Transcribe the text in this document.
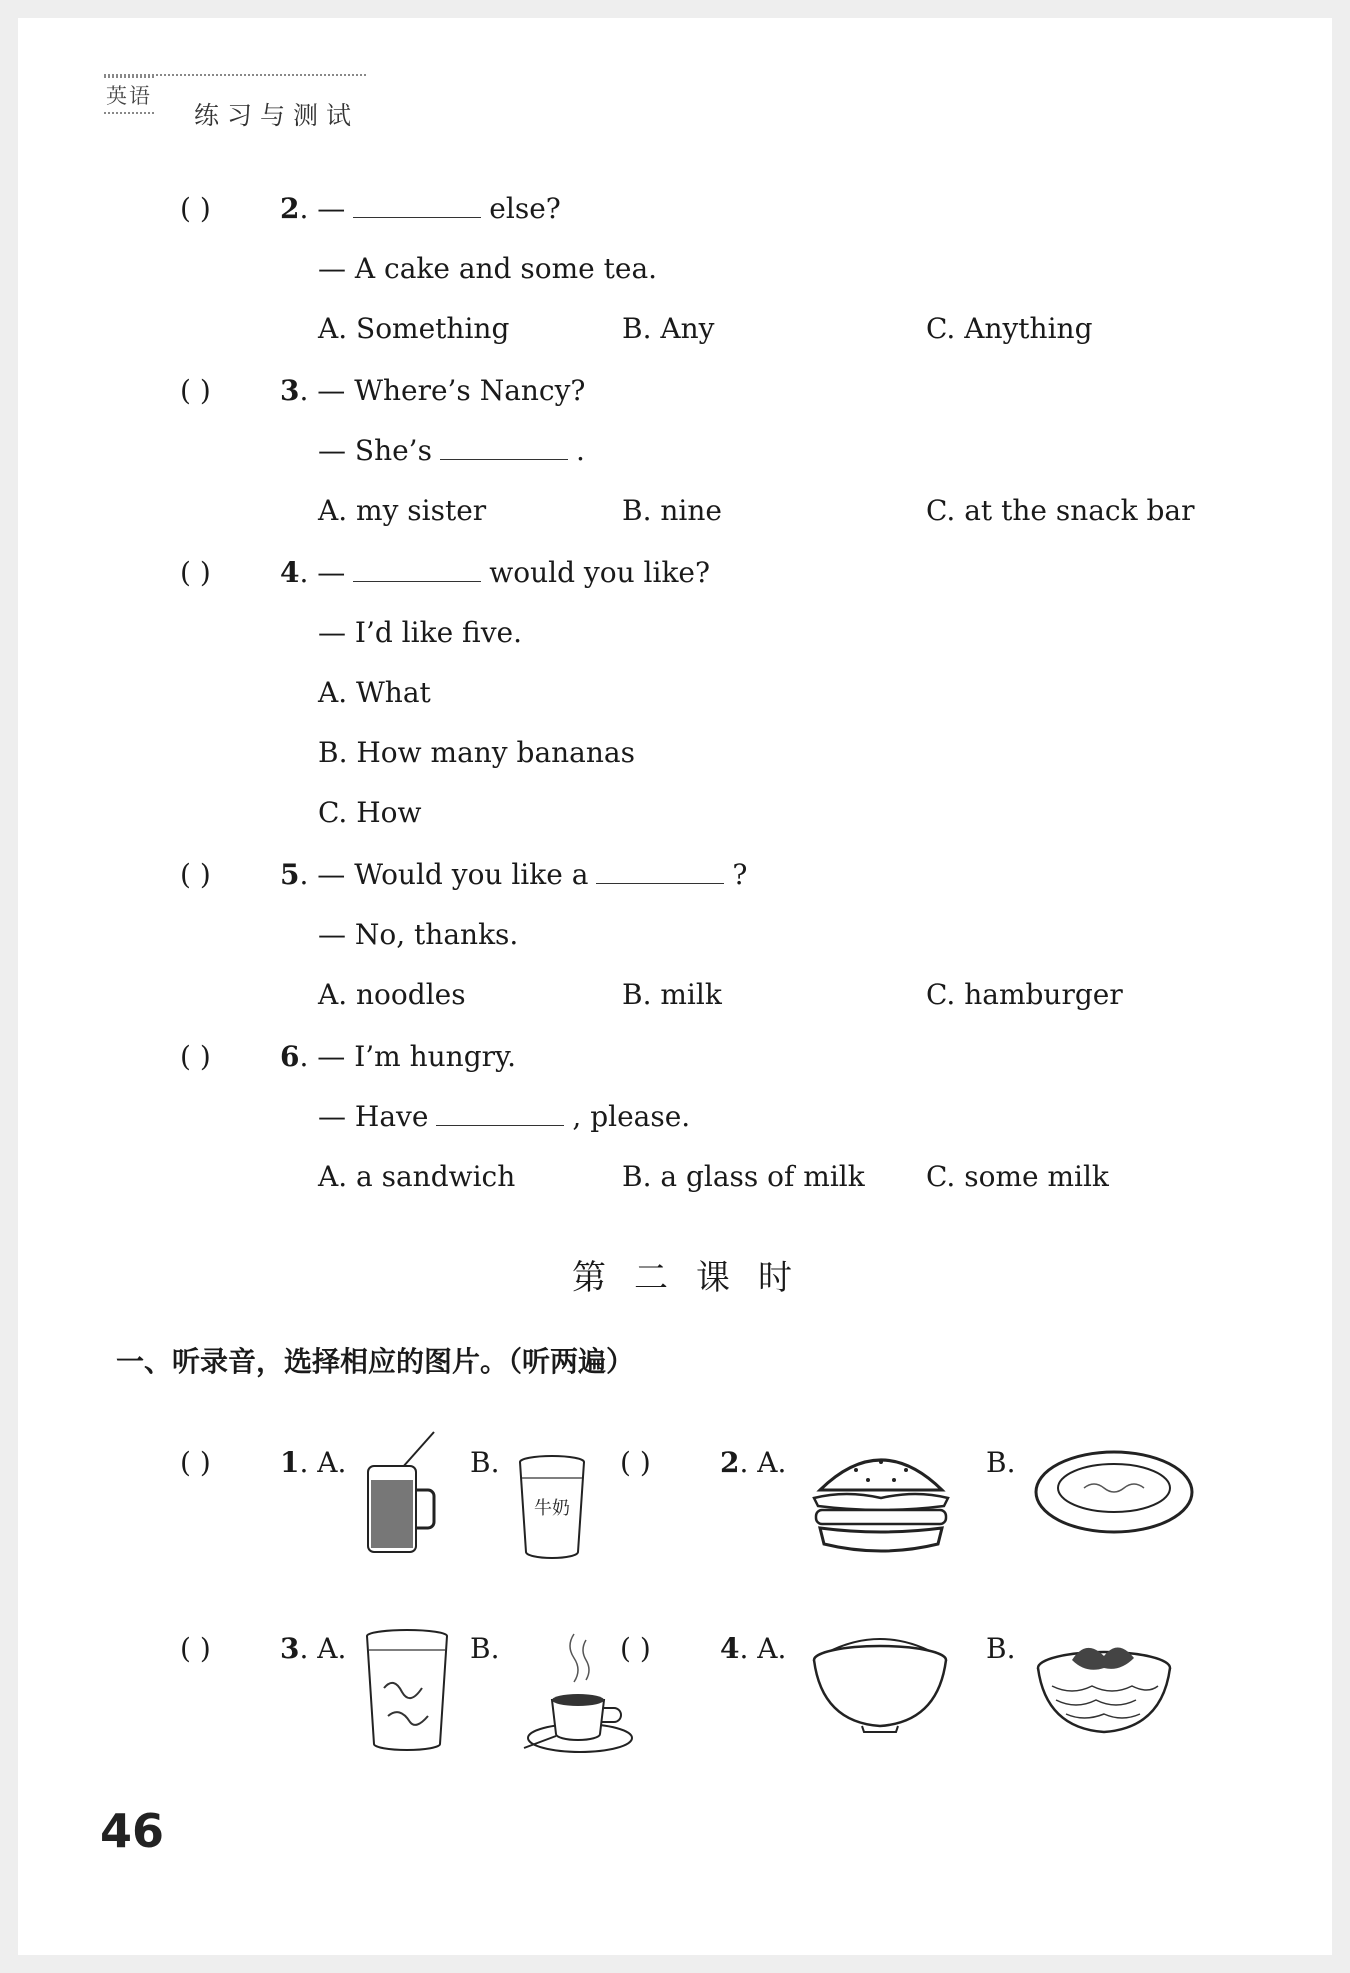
英语
练习与测试
( ) 2. —	else?
— A cake and some tea.
A. Something	B. Any	C. Anything
( ) 3. — Where’s Nancy?
— She’s	.
A. my sister	B. nine	C. at the snack bar
( ) 4. —	would you like?
— I’d like five.
A. What
B. How many bananas
C. How
( ) 5. — Would you like a	?
— No, thanks.
A. noodles	B. milk	C. hamburger
( ) 6. — I’m hungry.
— Have	, please.
A. a sandwich	B. a glass of milk C. some milk
第二课时
一、听录音，选择相应的图片。（听两遍）
( ) 1. A.	B.
牛奶
( ) 2. A.	B.
( ) 3. A.	B.	( ) 4. A.	B.
46
